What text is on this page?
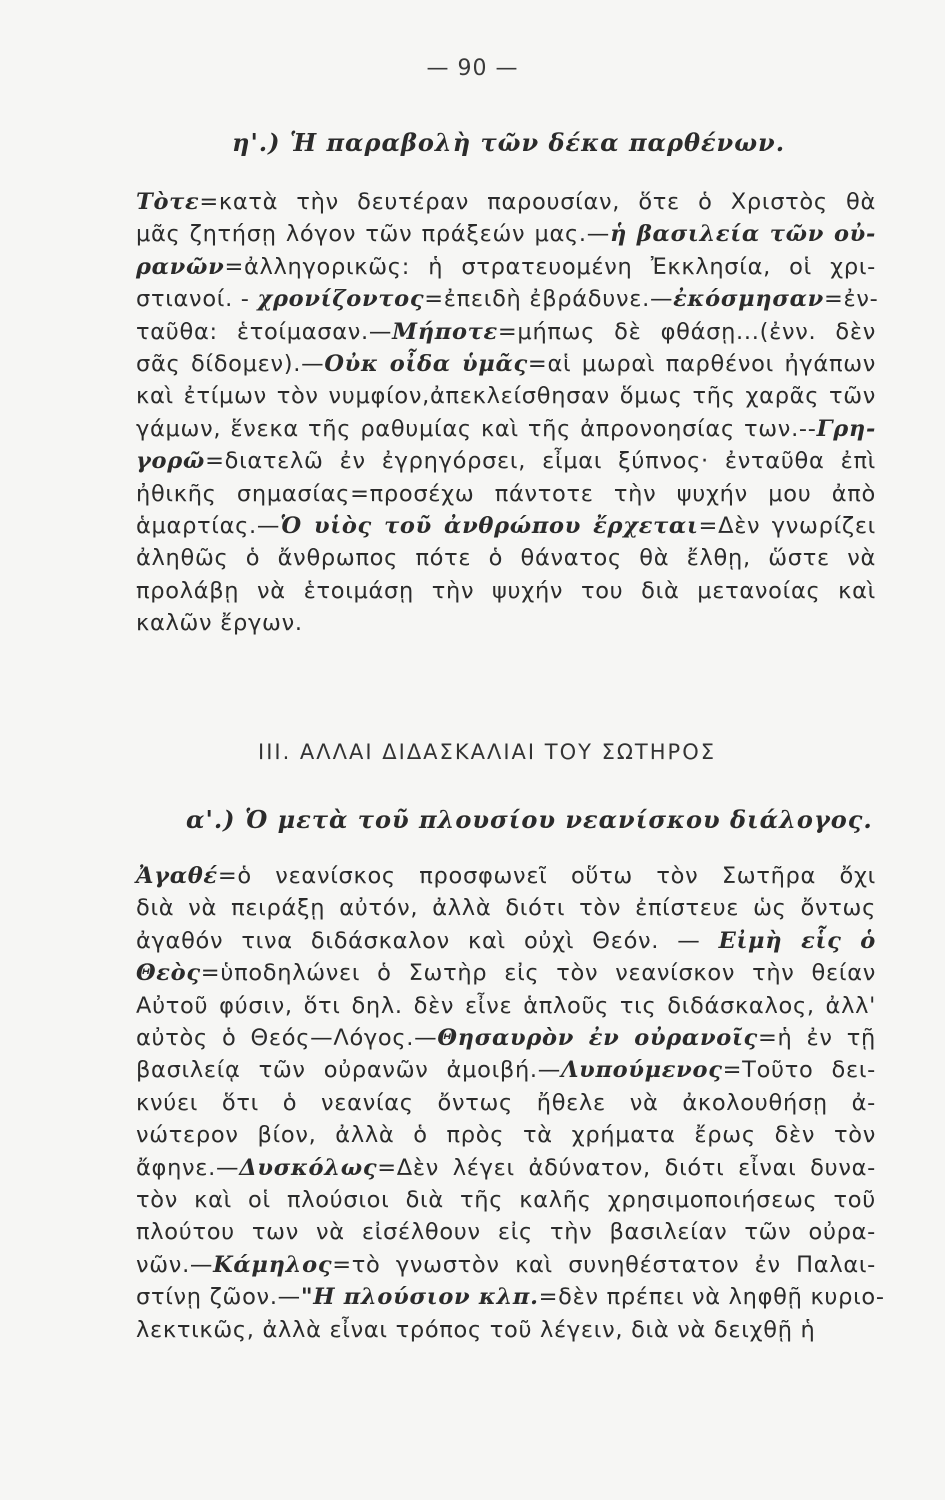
— 90 —
η'.) Ἡ παραβολὴ τῶν δέκα παρθένων.
Τὸτε=κατὰ τὴν δευτέραν παρουσίαν, ὅτε ὁ Χριστὸς θὰ
μᾶς ζητήσῃ λόγον τῶν πράξεών μας.—ἡ βασιλεία τῶν οὐ-
ρανῶν=ἀλληγορικῶς: ἡ στρατευομένη Ἐκκλησία, οἱ χρι-
στιανοί. - χρονίζοντος=ἐπειδὴ ἐβράδυνε.—ἐκόσμησαν=ἐν-
ταῦθα: ἑτοίμασαν.—Μήποτε=μήπως δὲ φθάσῃ...(ἐνν. δὲν
σᾶς δίδομεν).—Οὐκ οἶδα ὑμᾶς=αἱ μωραὶ παρθένοι ἠγάπων
καὶ ἐτίμων τὸν νυμφίον,ἀπεκλείσθησαν ὅμως τῆς χαρᾶς τῶν
γάμων, ἕνεκα τῆς ραθυμίας καὶ τῆς ἀπρονοησίας των.--Γρη-
γορῶ=διατελῶ ἐν ἐγρηγόρσει, εἶμαι ξύπνος· ἐνταῦθα ἐπὶ
ἠθικῆς σημασίας=προσέχω πάντοτε τὴν ψυχήν μου ἀπὸ
ἁμαρτίας.—Ὁ υἱὸς τοῦ ἀνθρώπου ἔρχεται=Δὲν γνωρίζει
ἀληθῶς ὁ ἄνθρωπος πότε ὁ θάνατος θὰ ἔλθῃ, ὥστε νὰ
προλάβῃ νὰ ἑτοιμάσῃ τὴν ψυχήν του διὰ μετανοίας καὶ
καλῶν ἔργων.
ΙΙΙ. ΑΛΛΑΙ ΔΙΔΑΣΚΑΛΙΑΙ ΤΟΥ ΣΩΤΗΡΟΣ
α'.) Ὁ μετὰ τοῦ πλουσίου νεανίσκου διάλογος.
Ἀγαθέ=ὁ νεανίσκος προσφωνεῖ οὕτω τὸν Σωτῆρα ὄχι
διὰ νὰ πειράξῃ αὐτόν, ἀλλὰ διότι τὸν ἐπίστευε ὡς ὄντως
ἀγαθόν τινα διδάσκαλον καὶ οὐχὶ Θεόν. — Εἰμὴ εἷς ὁ
Θεὸς=ὑποδηλώνει ὁ Σωτὴρ εἰς τὸν νεανίσκον τὴν θείαν
Αὐτοῦ φύσιν, ὅτι δηλ. δὲν εἶνε ἁπλοῦς τις διδάσκαλος, ἀλλ'
αὐτὸς ὁ Θεός—Λόγος.—Θησαυρὸν ἐν οὐρανοῖς=ἡ ἐν τῇ
βασιλείᾳ τῶν οὐρανῶν ἀμοιβή.—Λυπούμενος=Τοῦτο δει-
κνύει ὅτι ὁ νεανίας ὄντως ἤθελε νὰ ἀκολουθήσῃ ἀ-
νώτερον βίον, ἀλλὰ ὁ πρὸς τὰ χρήματα ἔρως δὲν τὸν
ἄφηνε.—Δυσκόλως=Δὲν λέγει ἀδύνατον, διότι εἶναι δυνα-
τὸν καὶ οἱ πλούσιοι διὰ τῆς καλῆς χρησιμοποιήσεως τοῦ
πλούτου των νὰ εἰσέλθουν εἰς τὴν βασιλείαν τῶν οὐρα-
νῶν.—Κάμηλος=τὸ γνωστὸν καὶ συνηθέστατον ἐν Παλαι-
στίνῃ ζῶον.—"Η πλούσιον κλπ.=δὲν πρέπει νὰ ληφθῇ κυριο-
λεκτικῶς, ἀλλὰ εἶναι τρόπος τοῦ λέγειν, διὰ νὰ δειχθῇ ἡ
